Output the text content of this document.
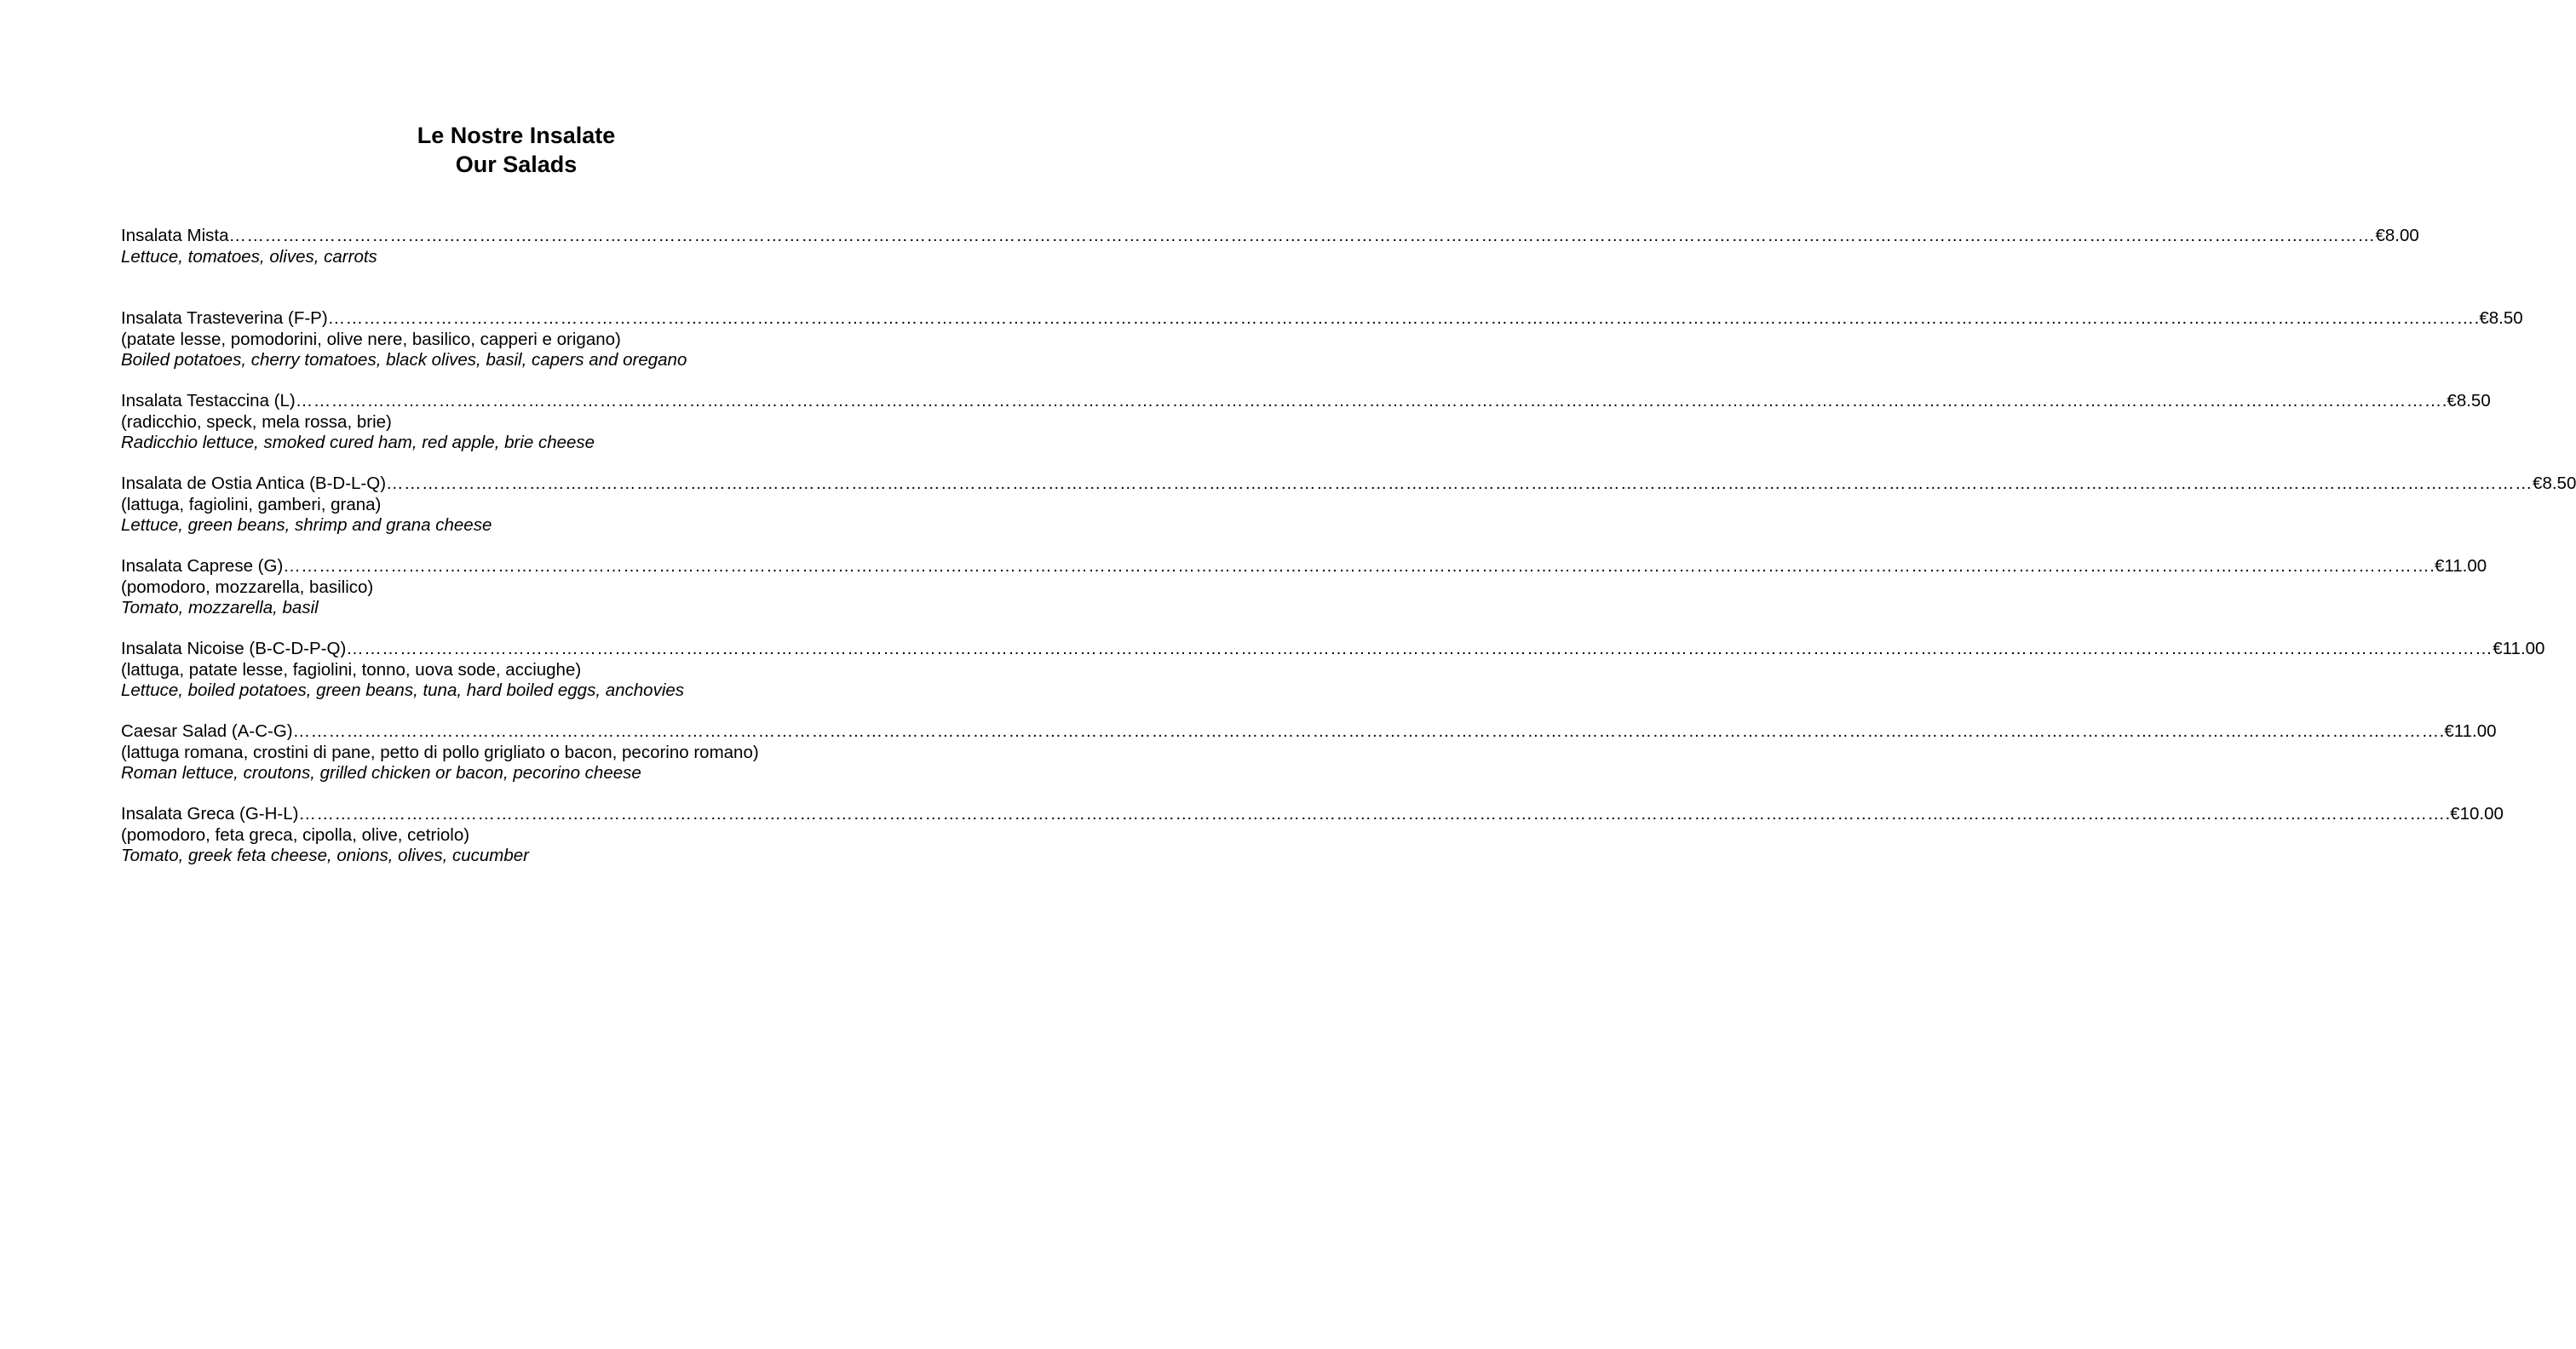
Le Nostre Insalate
Our Salads
Insalata Mista ……………………………………………………………………………………………………………………………………………………………………………………………………………………………………………………………………………………………………………………………… €8.00
Lettuce, tomatoes, olives, carrots
Insalata Trasteverina (F-P) ……………………………………………………………………………………………………………………………………………………………………………………………………………………………………………………………………………………………………………………………… .€8.50
(patate lesse, pomodorini, olive nere, basilico, capperi e origano)
Boiled potatoes, cherry tomatoes, black olives, basil, capers and oregano
Insalata Testaccina (L) ……………………………………………………………………………………………………………………………………………………………………………………………………………………………………………………………………………………………………………………………… .€8.50
(radicchio, speck, mela rossa, brie)
Radicchio lettuce, smoked cured ham, red apple, brie cheese
Insalata de Ostia Antica (B-D-L-Q) ……………………………………………………………………………………………………………………………………………………………………………………………………………………………………………………………………………………………………………………………… €8.50
(lattuga, fagiolini, gamberi, grana)
Lettuce, green beans, shrimp and grana cheese
Insalata Caprese (G) ……………………………………………………………………………………………………………………………………………………………………………………………………………………………………………………………………………………………………………………………… .€11.00
(pomodoro, mozzarella, basilico)
Tomato, mozzarella, basil
Insalata Nicoise (B-C-D-P-Q) ……………………………………………………………………………………………………………………………………………………………………………………………………………………………………………………………………………………………………………………………… €11.00
(lattuga, patate lesse, fagiolini, tonno, uova sode, acciughe)
Lettuce, boiled potatoes, green beans, tuna, hard boiled eggs, anchovies
Caesar Salad (A-C-G) ……………………………………………………………………………………………………………………………………………………………………………………………………………………………………………………………………………………………………………………………… .€11.00
(lattuga romana, crostini di pane, petto di pollo grigliato o bacon, pecorino romano)
Roman lettuce, croutons, grilled chicken or bacon, pecorino cheese
Insalata Greca (G-H-L) ……………………………………………………………………………………………………………………………………………………………………………………………………………………………………………………………………………………………………………………………… .€10.00
(pomodoro, feta greca, cipolla, olive, cetriolo)
Tomato, greek feta cheese, onions, olives, cucumber
